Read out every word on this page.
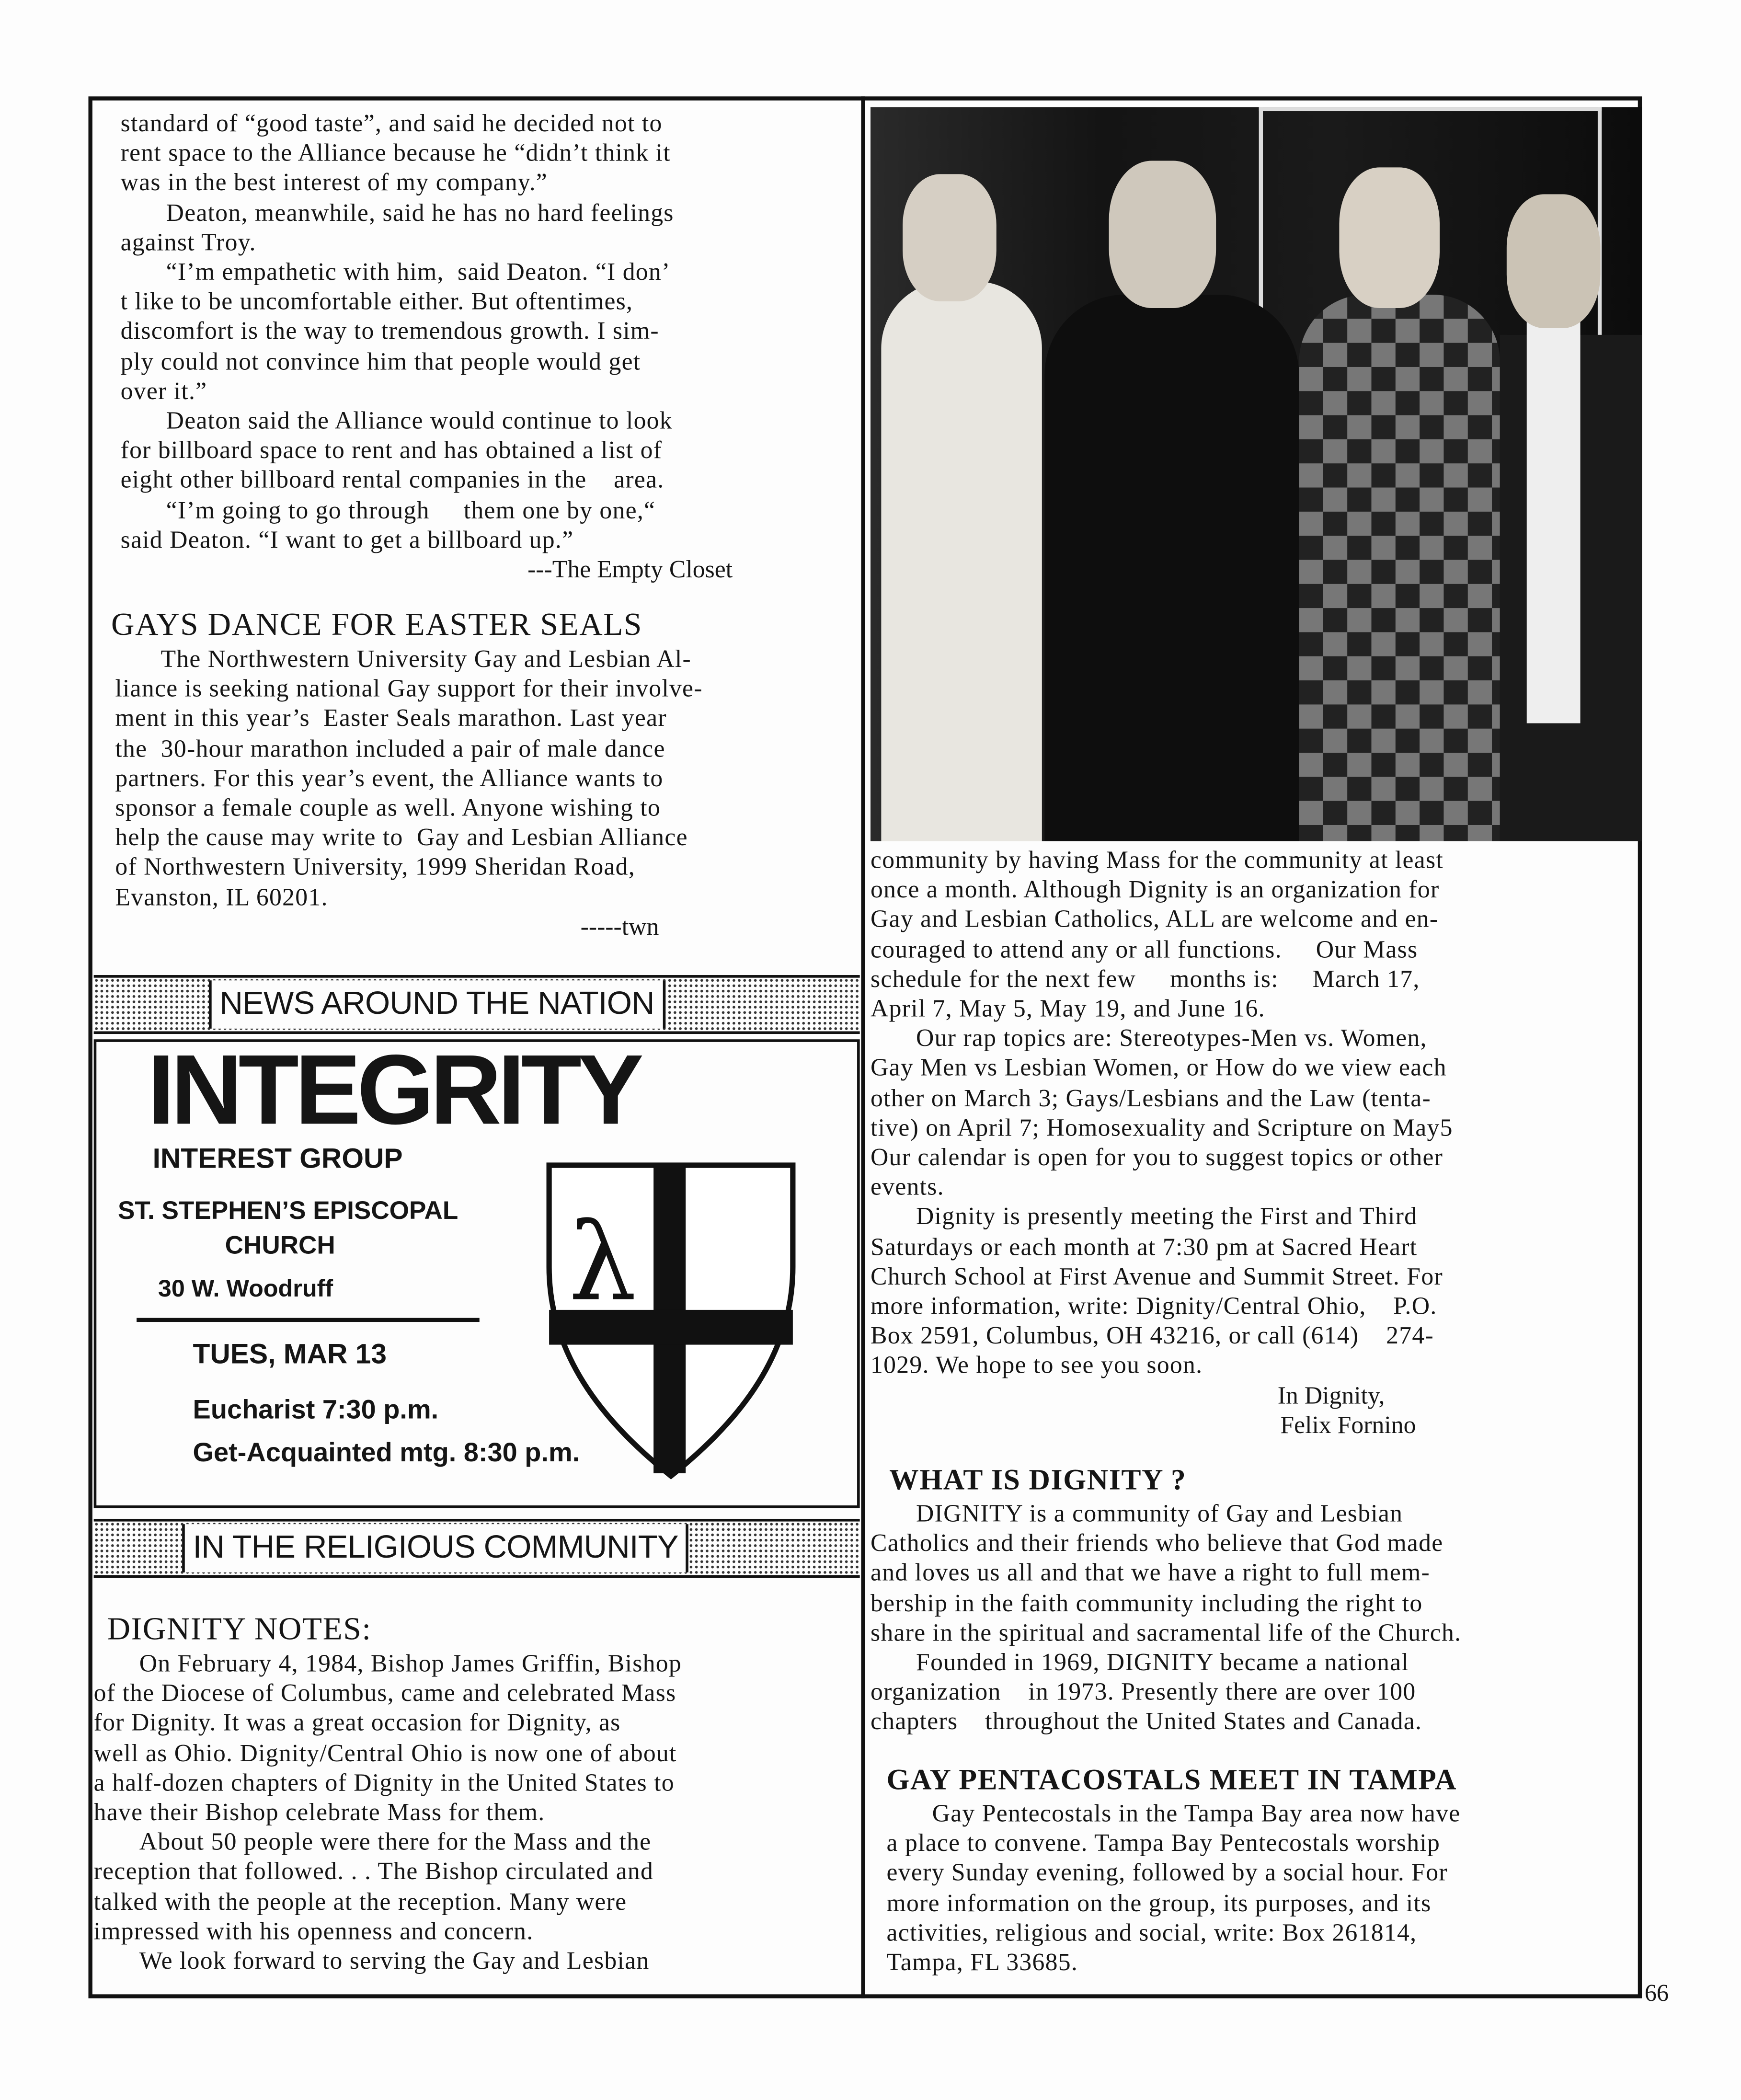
standard of “good taste”, and said he decided not to
rent space to the Alliance because he “didn’t think it
was in the best interest of my company.”
Deaton, meanwhile, said he has no hard feelings
against Troy.
“I’m empathetic with him,  said Deaton. “I don’
t like to be uncomfortable either. But oftentimes,
discomfort is the way to tremendous growth. I sim-
ply could not convince him that people would get
over it.”
Deaton said the Alliance would continue to look
for billboard space to rent and has obtained a list of
eight other billboard rental companies in the    area.
“I’m going to go through     them one by one,“
said Deaton. “I want to get a billboard up.”
---The Empty Closet
GAYS DANCE FOR EASTER SEALS
The Northwestern University Gay and Lesbian Al-
liance is seeking national Gay support for their involve-
ment in this year’s  Easter Seals marathon. Last year
the  30-hour marathon included a pair of male dance
partners. For this year’s event, the Alliance wants to
sponsor a female couple as well. Anyone wishing to
help the cause may write to  Gay and Lesbian Alliance
of Northwestern University, 1999 Sheridan Road,
Evanston, IL 60201.
-----twn
NEWS AROUND THE NATION
INTEGRITY
INTEREST GROUP
ST. STEPHEN’S EPISCOPAL
CHURCH
30 W. Woodruff
TUES, MAR 13
Eucharist 7:30 p.m.
Get-Acquainted mtg. 8:30 p.m.
λ
IN THE RELIGIOUS COMMUNITY
DIGNITY NOTES:
On February 4, 1984, Bishop James Griffin, Bishop
of the Diocese of Columbus, came and celebrated Mass
for Dignity. It was a great occasion for Dignity, as
well as Ohio. Dignity/Central Ohio is now one of about
a half-dozen chapters of Dignity in the United States to
have their Bishop celebrate Mass for them.
About 50 people were there for the Mass and the
reception that followed. . . The Bishop circulated and
talked with the people at the reception. Many were
impressed with his openness and concern.
We look forward to serving the Gay and Lesbian
community by having Mass for the community at least
once a month. Although Dignity is an organization for
Gay and Lesbian Catholics, ALL are welcome and en-
couraged to attend any or all functions.     Our Mass
schedule for the next few     months is:     March 17,
April 7, May 5, May 19, and June 16.
Our rap topics are: Stereotypes-Men vs. Women,
Gay Men vs Lesbian Women, or How do we view each
other on March 3; Gays/Lesbians and the Law (tenta-
tive) on April 7; Homosexuality and Scripture on May5
Our calendar is open for you to suggest topics or other
events.
Dignity is presently meeting the First and Third
Saturdays or each month at 7:30 pm at Sacred Heart
Church School at First Avenue and Summit Street. For
more information, write: Dignity/Central Ohio,    P.O.
Box 2591, Columbus, OH 43216, or call (614)    274-
1029. We hope to see you soon.
In Dignity,
Felix Fornino
WHAT IS DIGNITY ?
DIGNITY is a community of Gay and Lesbian
Catholics and their friends who believe that God made
and loves us all and that we have a right to full mem-
bership in the faith community including the right to
share in the spiritual and sacramental life of the Church.
Founded in 1969, DIGNITY became a national
organization    in 1973. Presently there are over 100
chapters    throughout the United States and Canada.
GAY PENTACOSTALS MEET IN TAMPA
Gay Pentecostals in the Tampa Bay area now have
a place to convene. Tampa Bay Pentecostals worship
every Sunday evening, followed by a social hour. For
more information on the group, its purposes, and its
activities, religious and social, write: Box 261814,
Tampa, FL 33685.
66
